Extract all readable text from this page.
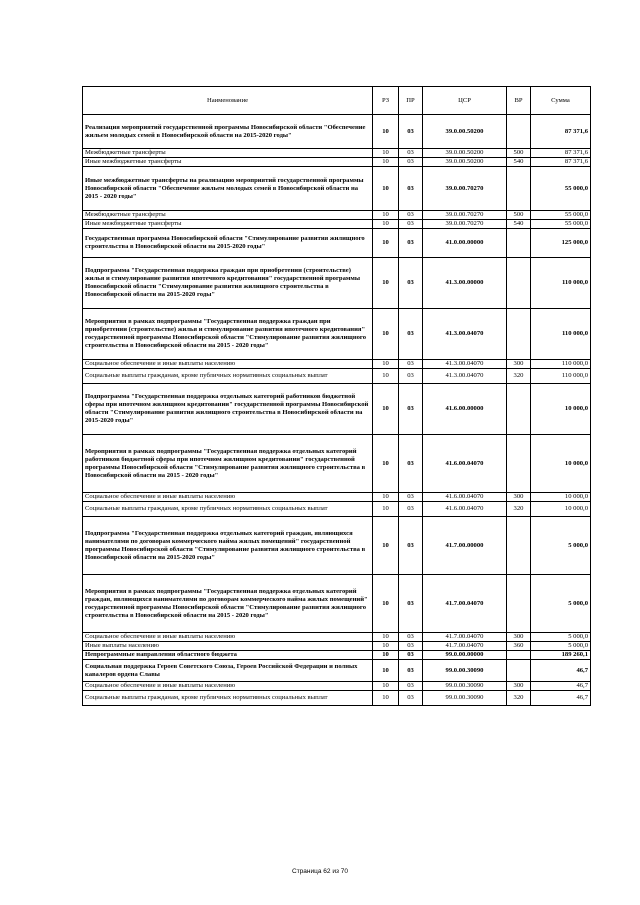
Наименование	РЗ	ПР	ЦСР	ВР	Сумма
Реализация мероприятий государственной программы Новосибирской области "Обеспечение жильем молодых семей в Новосибирской области на 2015-2020 годы"	10	03	39.0.00.50200		87 371,6
Межбюджетные трансферты	10	03	39.0.00.50200	500	87 371,6
Иные межбюджетные трансферты	10	03	39.0.00.50200	540	87 371,6
Иные межбюджетные трансферты на реализацию мероприятий государственной программы Новосибирской области "Обеспечение жильем молодых семей в Новосибирской области на 2015 - 2020 годы"	10	03	39.0.00.70270		55 000,0
Межбюджетные трансферты	10	03	39.0.00.70270	500	55 000,0
Иные межбюджетные трансферты	10	03	39.0.00.70270	540	55 000,0
Государственная программа Новосибирской области "Стимулирование развития жилищного строительства в Новосибирской области на 2015-2020 годы"	10	03	41.0.00.00000		125 000,0
Подпрограмма "Государственная поддержка граждан при приобретении (строительстве) жилья и стимулирование развития ипотечного кредитования" государственной программы Новосибирской области "Стимулирование развития жилищного строительства в Новосибирской области на 2015-2020 годы"	10	03	41.3.00.00000		110 000,0
Мероприятия в рамках подпрограммы "Государственная поддержка граждан при приобретении (строительстве) жилья и стимулирование развития ипотечного кредитования" государственной программы Новосибирской области "Стимулирование развития жилищного строительства в Новосибирской области на 2015 - 2020 годы"	10	03	41.3.00.04070		110 000,0
Социальное обеспечение и иные выплаты населению	10	03	41.3.00.04070	300	110 000,0
Социальные выплаты гражданам, кроме публичных нормативных социальных выплат	10	03	41.3.00.04070	320	110 000,0
Подпрограмма "Государственная поддержка отдельных категорий работников бюджетной сферы при ипотечном жилищном кредитовании" государственной программы Новосибирской области "Стимулирование развития жилищного строительства в Новосибирской области на 2015-2020 годы"	10	03	41.6.00.00000		10 000,0
Мероприятия в рамках подпрограммы "Государственная поддержка отдельных категорий работников бюджетной сферы при ипотечном жилищном кредитовании" государственной программы Новосибирской области "Стимулирование развития жилищного строительства в Новосибирской области на 2015 - 2020 годы"	10	03	41.6.00.04070		10 000,0
Социальное обеспечение и иные выплаты населению	10	03	41.6.00.04070	300	10 000,0
Социальные выплаты гражданам, кроме публичных нормативных социальных выплат	10	03	41.6.00.04070	320	10 000,0
Подпрограмма "Государственная поддержка отдельных категорий граждан, являющихся нанимателями по договорам коммерческого найма жилых помещений" государственной программы Новосибирской области "Стимулирование развития жилищного строительства в Новосибирской области на 2015-2020 годы"	10	03	41.7.00.00000		5 000,0
Мероприятия в рамках подпрограммы "Государственная поддержка отдельных категорий граждан, являющихся нанимателями по договорам коммерческого найма жилых помещений" государственной программы Новосибирской области "Стимулирование развития жилищного строительства в Новосибирской области на 2015 - 2020 годы"	10	03	41.7.00.04070		5 000,0
Социальное обеспечение и иные выплаты населению	10	03	41.7.00.04070	300	5 000,0
Иные выплаты населению	10	03	41.7.00.04070	360	5 000,0
Непрограммные направления областного бюджета	10	03	99.0.00.00000		189 260,1
Социальная поддержка Героев Советского Союза, Героев Российской Федерации и полных кавалеров ордена Славы	10	03	99.0.00.30090		46,7
Социальное обеспечение и иные выплаты населению	10	03	99.0.00.30090	300	46,7
Социальные выплаты гражданам, кроме публичных нормативных социальных выплат	10	03	99.0.00.30090	320	46,7
Страница 62 из 70
